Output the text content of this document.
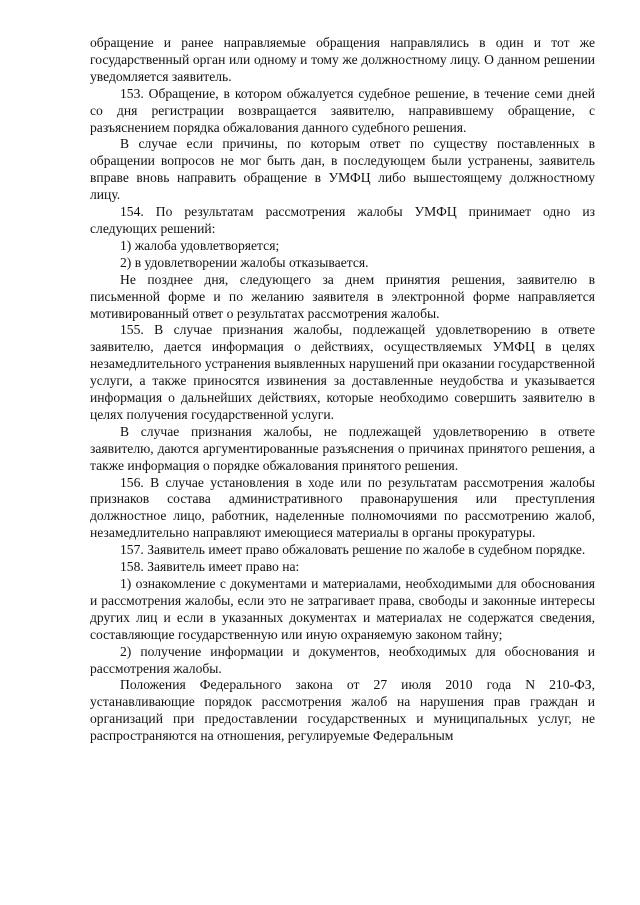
обращение и ранее направляемые обращения направлялись в один и тот же государственный орган или одному и тому же должностному лицу. О данном решении уведомляется заявитель.

153. Обращение, в котором обжалуется судебное решение, в течение семи дней со дня регистрации возвращается заявителю, направившему обращение, с разъяснением порядка обжалования данного судебного решения.

В случае если причины, по которым ответ по существу поставленных в обращении вопросов не мог быть дан, в последующем были устранены, заявитель вправе вновь направить обращение в УМФЦ либо вышестоящему должностному лицу.

154. По результатам рассмотрения жалобы УМФЦ принимает одно из следующих решений:

1) жалоба удовлетворяется;

2) в удовлетворении жалобы отказывается.

Не позднее дня, следующего за днем принятия решения, заявителю в письменной форме и по желанию заявителя в электронной форме направляется мотивированный ответ о результатах рассмотрения жалобы.

155. В случае признания жалобы, подлежащей удовлетворению в ответе заявителю, дается информация о действиях, осуществляемых УМФЦ в целях незамедлительного устранения выявленных нарушений при оказании государственной услуги, а также приносятся извинения за доставленные неудобства и указывается информация о дальнейших действиях, которые необходимо совершить заявителю в целях получения государственной услуги.

В случае признания жалобы, не подлежащей удовлетворению в ответе заявителю, даются аргументированные разъяснения о причинах принятого решения, а также информация о порядке обжалования принятого решения.

156. В случае установления в ходе или по результатам рассмотрения жалобы признаков состава административного правонарушения или преступления должностное лицо, работник, наделенные полномочиями по рассмотрению жалоб, незамедлительно направляют имеющиеся материалы в органы прокуратуры.

157. Заявитель имеет право обжаловать решение по жалобе в судебном порядке.

158. Заявитель имеет право на:

1) ознакомление с документами и материалами, необходимыми для обоснования и рассмотрения жалобы, если это не затрагивает права, свободы и законные интересы других лиц и если в указанных документах и материалах не содержатся сведения, составляющие государственную или иную охраняемую законом тайну;

2) получение информации и документов, необходимых для обоснования и рассмотрения жалобы.

Положения Федерального закона от 27 июля 2010 года N 210-ФЗ, устанавливающие порядок рассмотрения жалоб на нарушения прав граждан и организаций при предоставлении государственных и муниципальных услуг, не распространяются на отношения, регулируемые Федеральным
